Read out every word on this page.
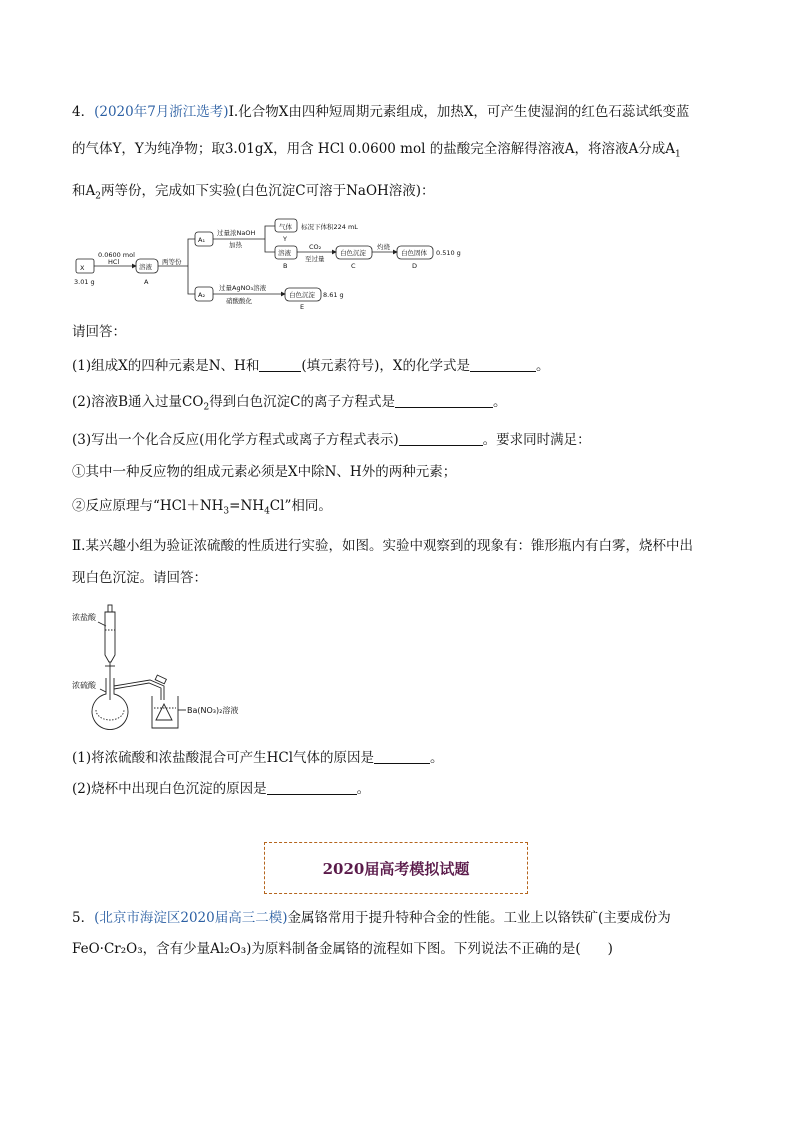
4．(2020年7月浙江选考)Ⅰ.化合物X由四种短周期元素组成，加热X，可产生使湿润的红色石蕊试纸变蓝
的气体Y，Y为纯净物；取3.01gX，用含 HCl 0.0600 mol 的盐酸完全溶解得溶液A，将溶液A分成$A_1$
和$A_2$两等份，完成如下实验(白色沉淀C可溶于NaOH溶液)：
X
3.01 g
0.0600 mol
HCl
溶液
A
两等份
A₁
过量浓NaOH
加热
气体 标况下体积224 mL
Y
溶液
B
CO₂
至过量
白色沉淀
C
灼烧
白色固体
D
0.510 g
A₂
过量AgNO₃溶液
硝酸酸化
白色沉淀 8.61 g
E
请回答：
(1)组成X的四种元素是N、H和	(填元素符号)，X的化学式是	。
(2)溶液B通入过量$CO_2$得到白色沉淀C的离子方程式是	。
(3)写出一个化合反应(用化学方程式或离子方程式表示)	。要求同时满足：
①其中一种反应物的组成元素必须是X中除N、H外的两种元素；
②反应原理与“$HCl+NH_3=NH_4Cl$”相同。
Ⅱ.某兴趣小组为验证浓硫酸的性质进行实验，如图。实验中观察到的现象有：锥形瓶内有白雾，烧杯中出
现白色沉淀。请回答：
浓盐酸
浓硫酸
Ba(NO₃)₂溶液
(1)将浓硫酸和浓盐酸混合可产生HCl气体的原因是	。
(2)烧杯中出现白色沉淀的原因是	。
2020届高考模拟试题
5．(北京市海淀区2020届高三二模)金属铬常用于提升特种合金的性能。工业上以铬铁矿(主要成份为
FeO·Cr₂O₃，含有少量Al₂O₃)为原料制备金属铬的流程如下图。下列说法不正确的是(　　)
